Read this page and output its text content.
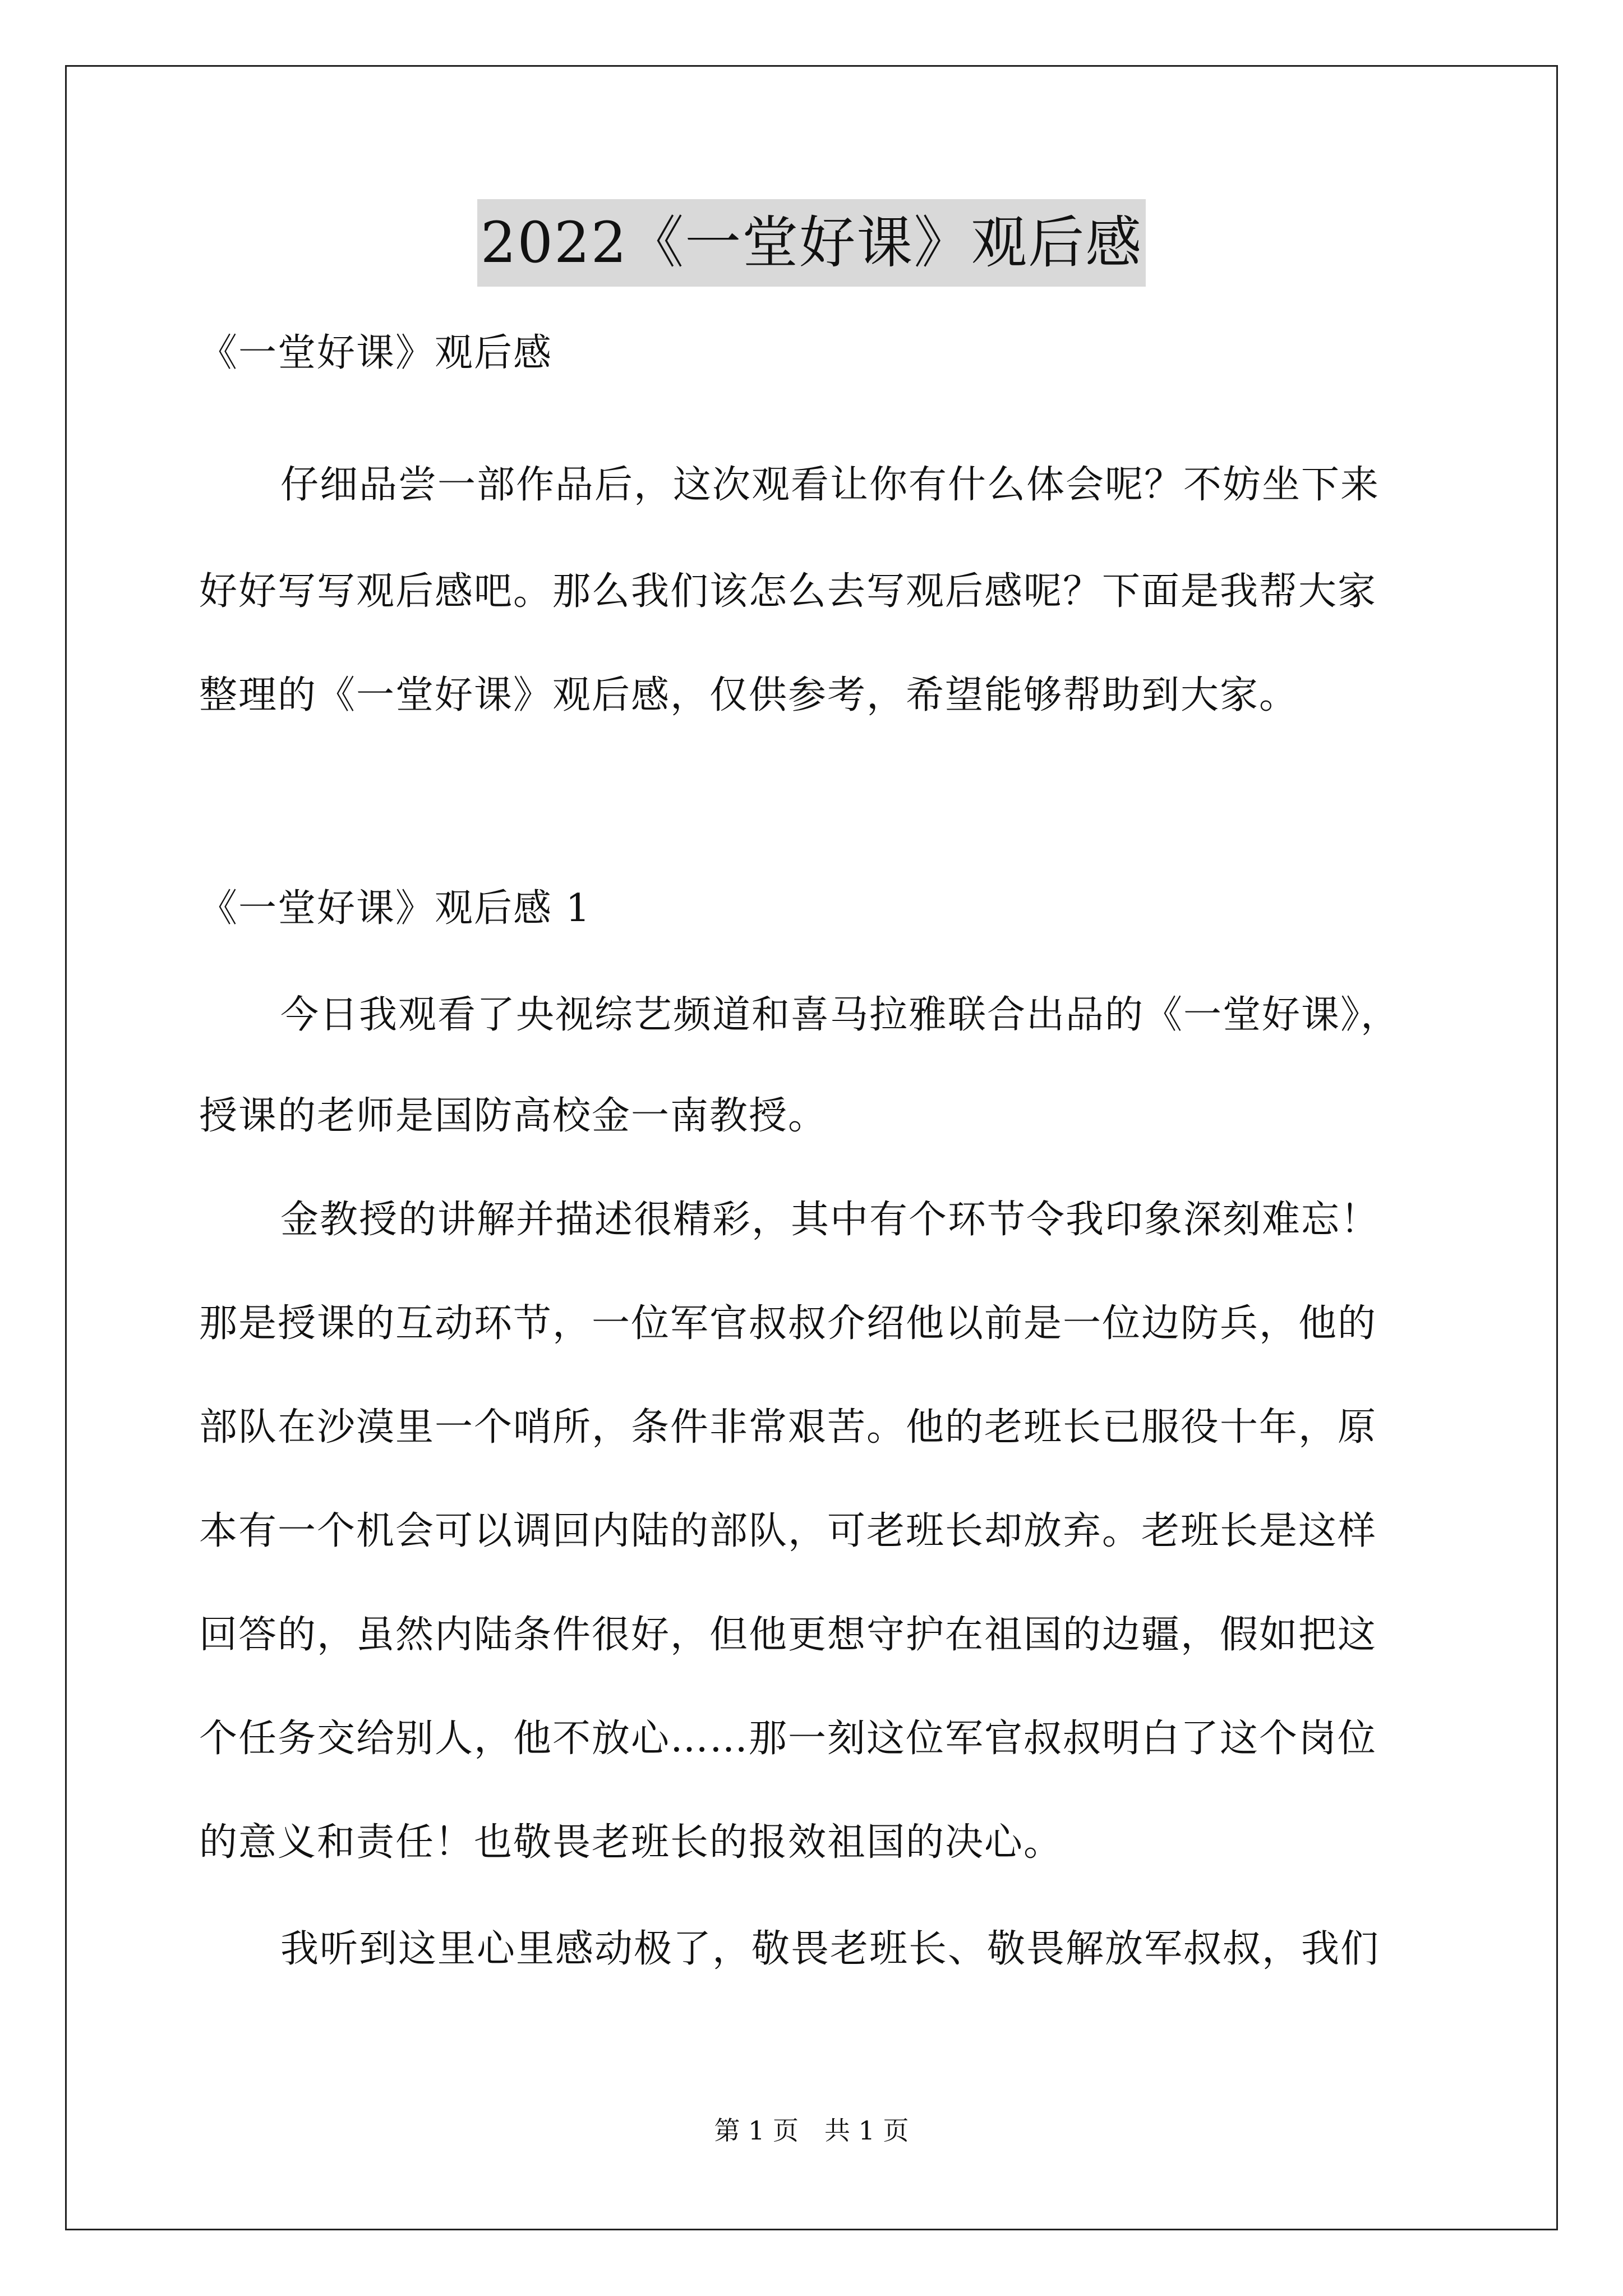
2022《一堂好课》观后感

《一堂好课》观后感

仔细品尝一部作品后，这次观看让你有什么体会呢？不妨坐下来

好好写写观后感吧。那么我们该怎么去写观后感呢？下面是我帮大家

整理的《一堂好课》观后感，仅供参考，希望能够帮助到大家。

《一堂好课》观后感 1

今日我观看了央视综艺频道和喜马拉雅联合出品的《一堂好课》，

授课的老师是国防高校金一南教授。

金教授的讲解并描述很精彩，其中有个环节令我印象深刻难忘！

那是授课的互动环节，一位军官叔叔介绍他以前是一位边防兵，他的

部队在沙漠里一个哨所，条件非常艰苦。他的老班长已服役十年，原

本有一个机会可以调回内陆的部队，可老班长却放弃。老班长是这样

回答的，虽然内陆条件很好，但他更想守护在祖国的边疆，假如把这

个任务交给别人，他不放心……那一刻这位军官叔叔明白了这个岗位

的意义和责任！也敬畏老班长的报效祖国的决心。

我听到这里心里感动极了，敬畏老班长、敬畏解放军叔叔，我们

第 1 页　共 1 页
